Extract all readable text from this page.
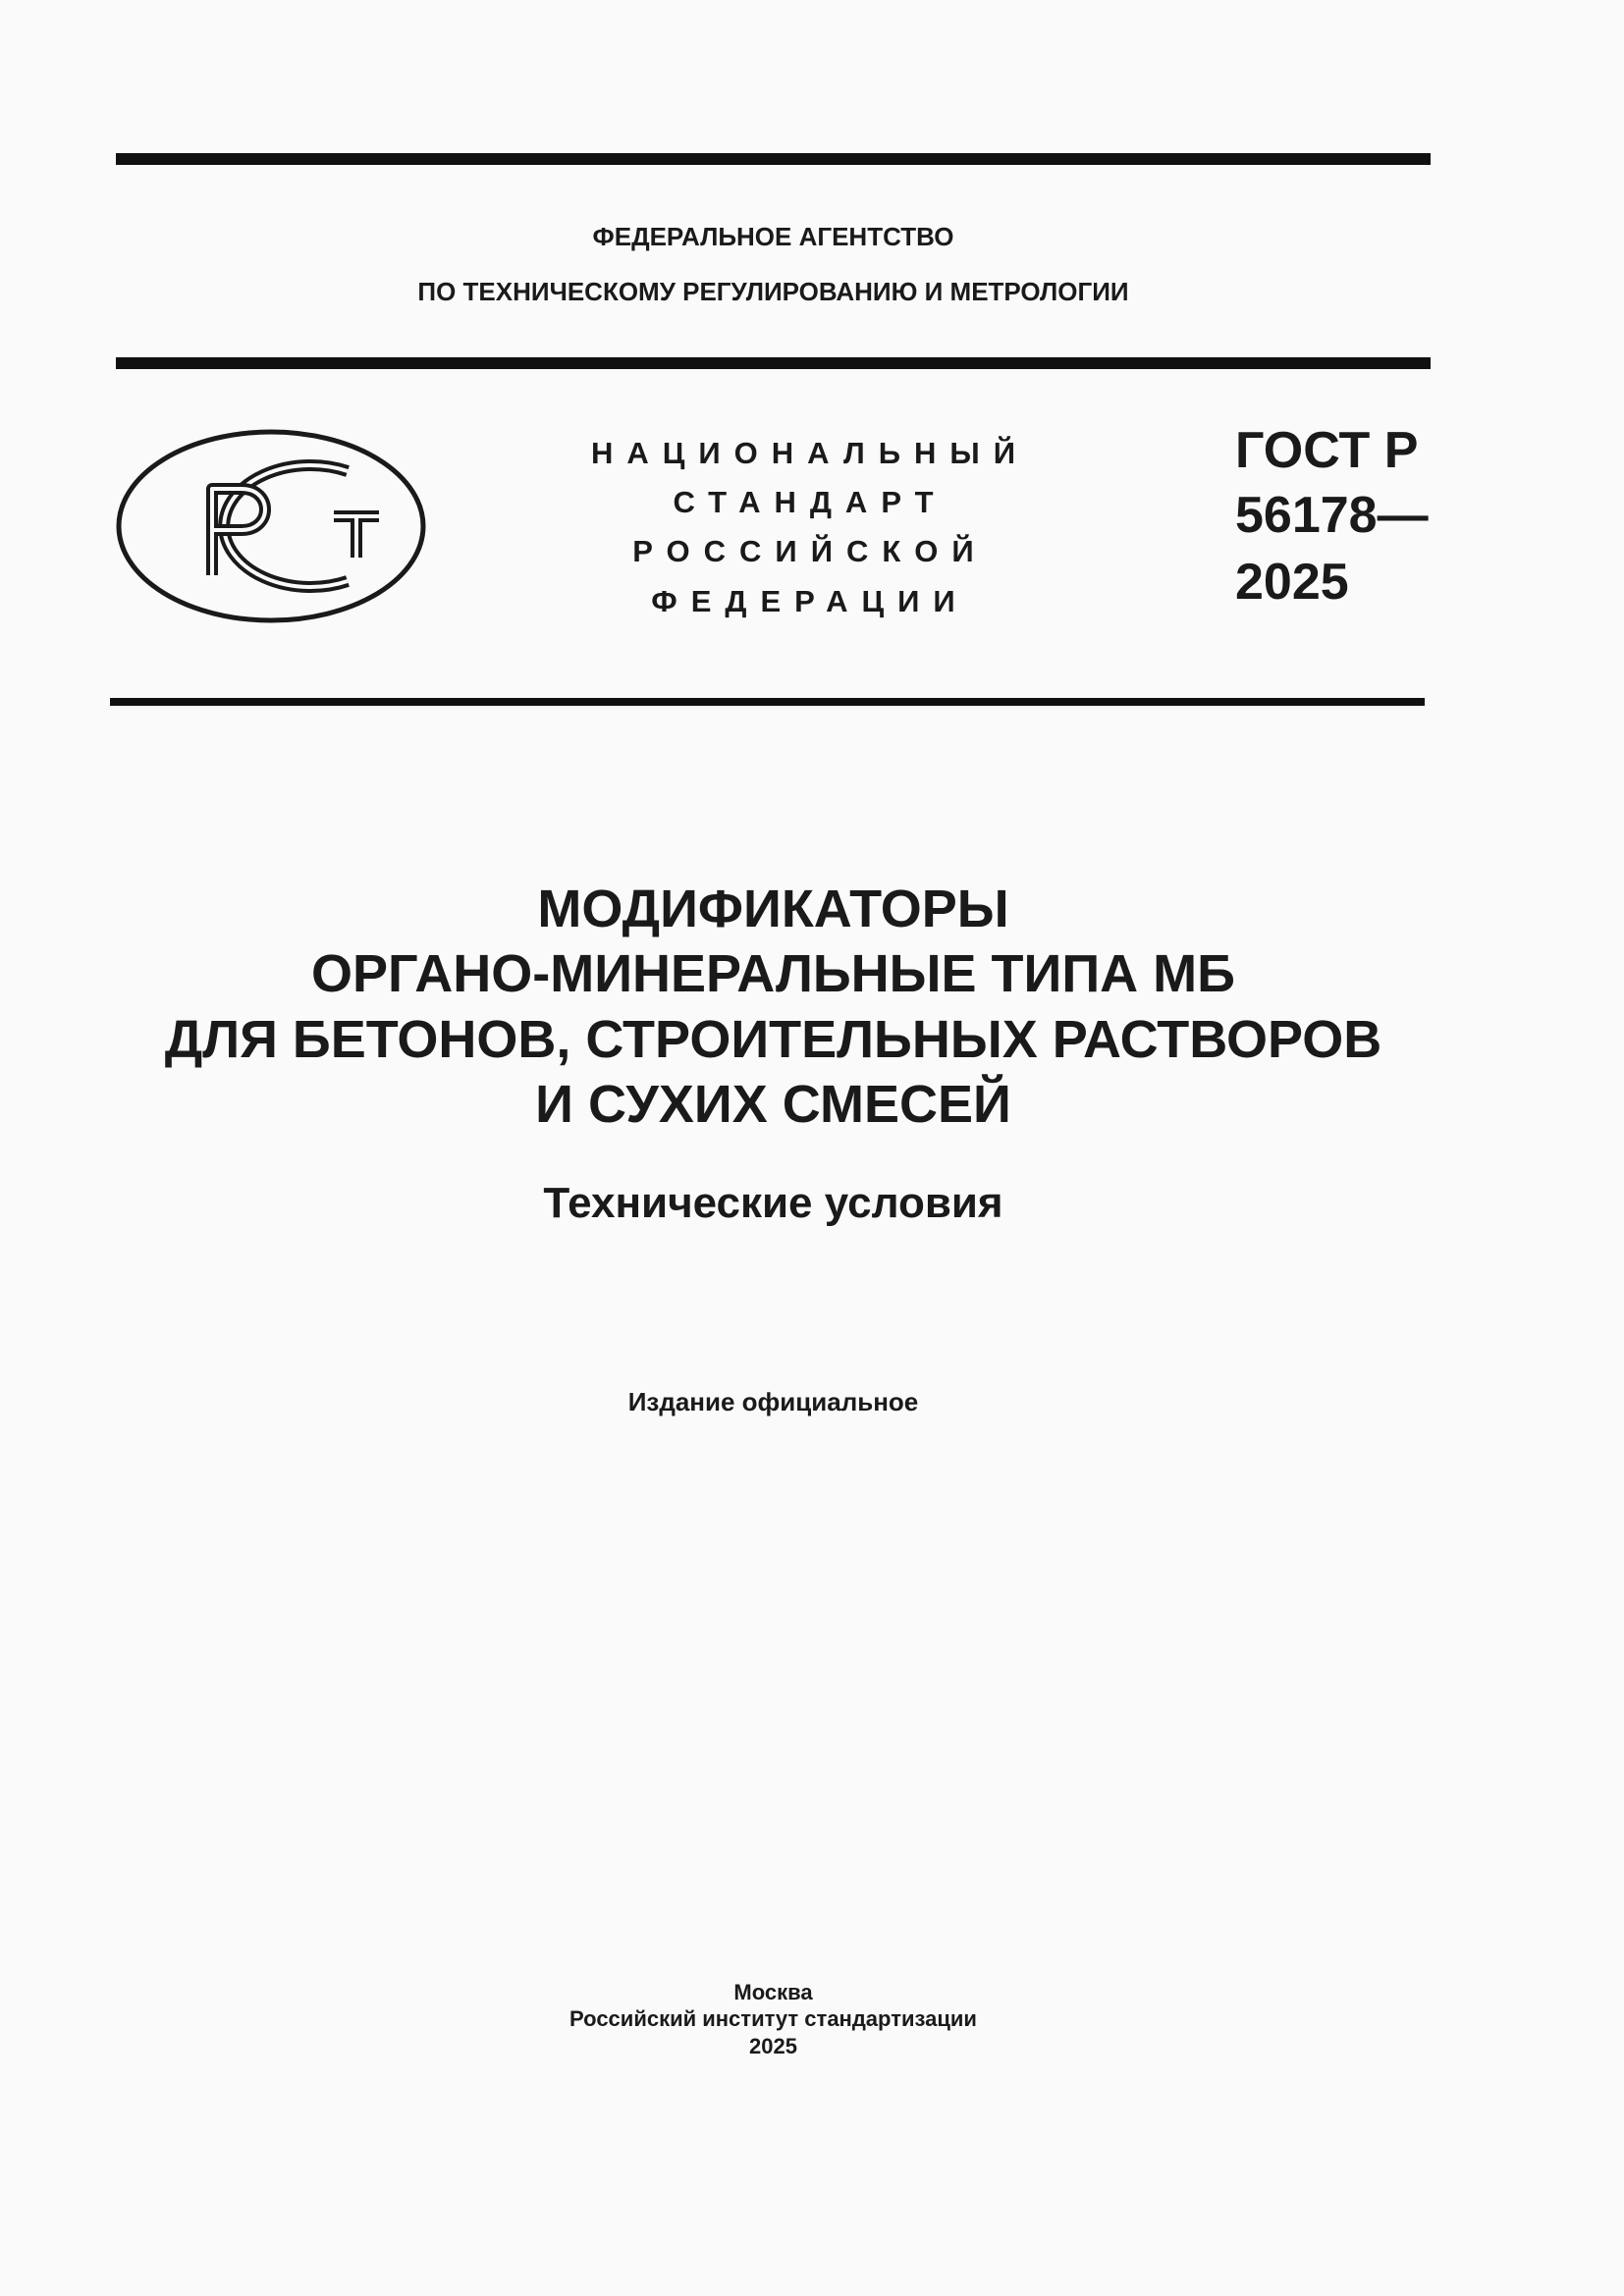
ФЕДЕРАЛЬНОЕ АГЕНТСТВО
ПО ТЕХНИЧЕСКОМУ РЕГУЛИРОВАНИЮ И МЕТРОЛОГИИ
НАЦИОНАЛЬНЫЙ
СТАНДАРТ
РОССИЙСКОЙ
ФЕДЕРАЦИИ
ГОСТ Р
56178—
2025
МОДИФИКАТОРЫ
ОРГАНО-МИНЕРАЛЬНЫЕ ТИПА МБ
ДЛЯ БЕТОНОВ, СТРОИТЕЛЬНЫХ РАСТВОРОВ
И СУХИХ СМЕСЕЙ
Технические условия
Издание официальное
Москва
Российский институт стандартизации
2025
